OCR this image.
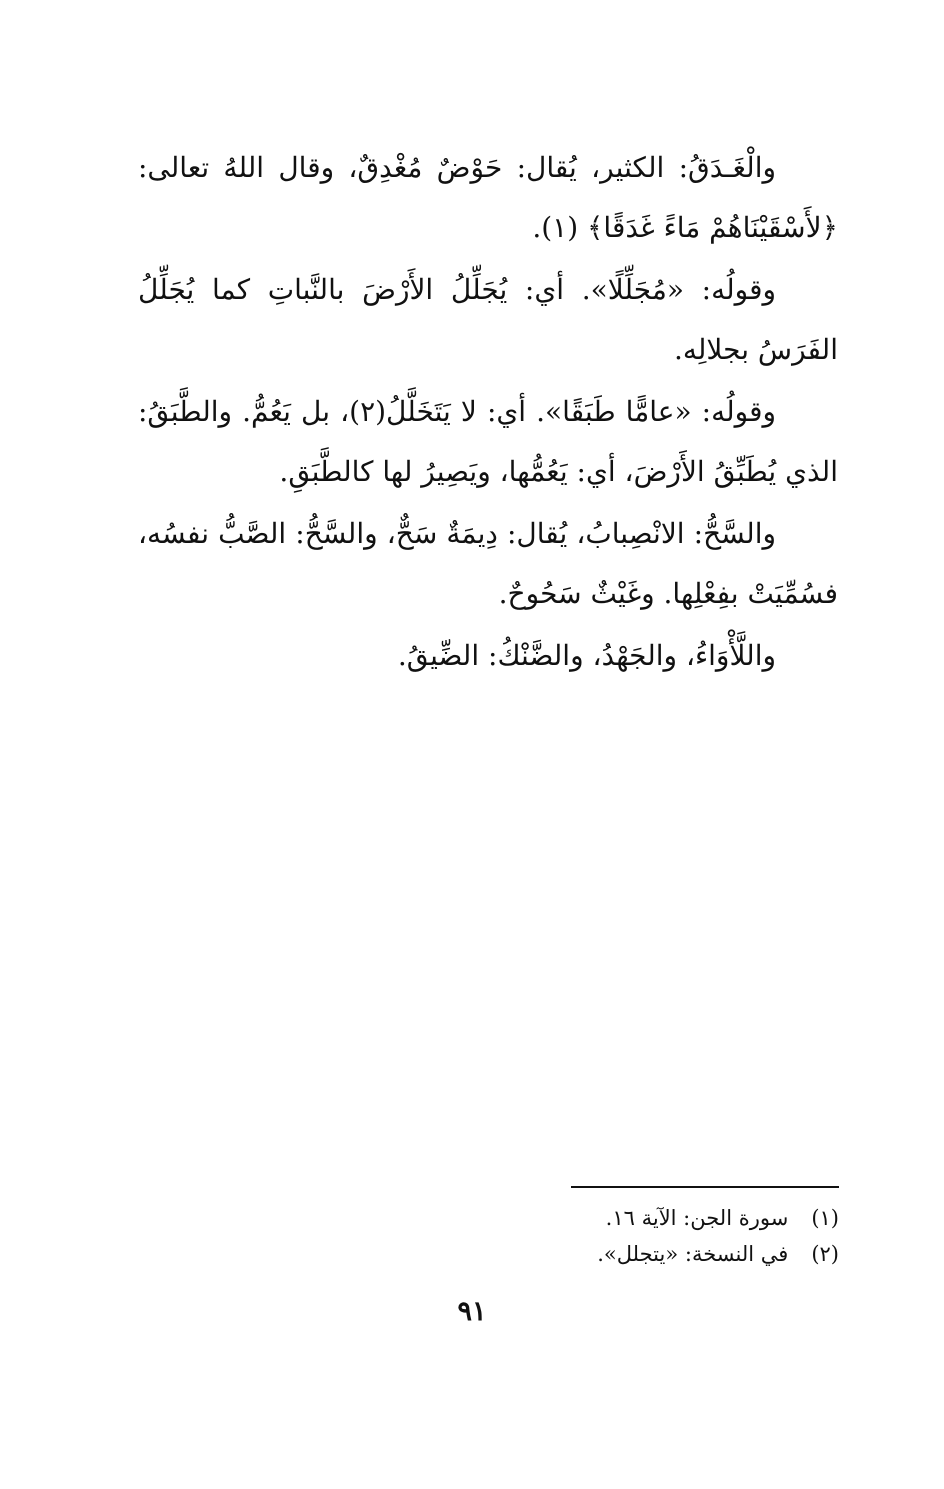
والْغَـدَقُ: الكثير، يُقال: حَوْضٌ مُغْدِقٌ، وقال اللهُ تعالى: ﴿لأَسْقَيْنَاهُمْ مَاءً غَدَقًا﴾ (١).

وقولُه: «مُجَلِّلًا». أي: يُجَلِّلُ الأَرْضَ بالنَّباتِ كما يُجَلِّلُ الفَرَسُ بجلالِه.

وقولُه: «عامًّا طَبَقًا». أي: لا يَتَخَلَّلُ(٢)، بل يَعُمُّ. والطَّبَقُ: الذي يُطَبِّقُ الأَرْضَ، أي: يَعُمُّها، ويَصِيرُ لها كالطَّبَقِ.

والسَّحُّ: الانْصِبابُ، يُقال: دِيمَةٌ سَحٌّ، والسَّحُّ: الصَّبُّ نفسُه، فسُمِّيَتْ بفِعْلِها. وغَيْثٌ سَحُوحٌ.

واللَّأْوَاءُ، والجَهْدُ، والضَّنْكُ: الضِّيقُ.

(١) سورة الجن: الآية ١٦.

(٢) في النسخة: «يتجلل».

٩١
